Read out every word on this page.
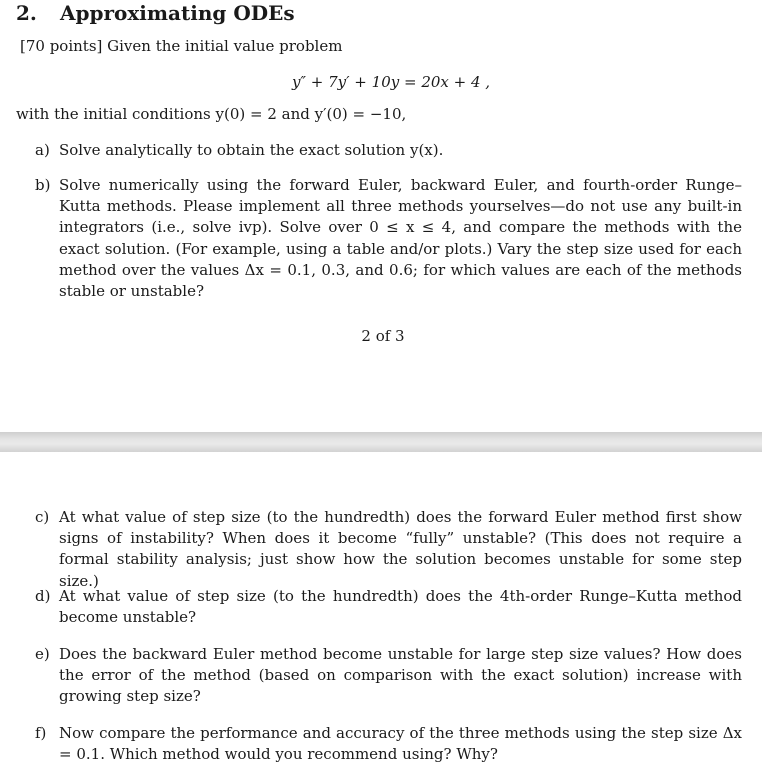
2. Approximating ODEs
[70 points] Given the initial value problem
y″ + 7y′ + 10y = 20x + 4 ,
with the initial conditions y(0) = 2 and y′(0) = −10,
a) Solve analytically to obtain the exact solution y(x).
b) Solve numerically using the forward Euler, backward Euler, and fourth-order Runge–Kutta methods. Please implement all three methods yourselves—do not use any built-in integrators (i.e., solve ivp). Solve over 0 ≤ x ≤ 4, and compare the methods with the exact solution. (For example, using a table and/or plots.) Vary the step size used for each method over the values Δx = 0.1, 0.3, and 0.6; for which values are each of the methods stable or unstable?
2 of 3
c) At what value of step size (to the hundredth) does the forward Euler method first show signs of instability? When does it become “fully” unstable? (This does not require a formal stability analysis; just show how the solution becomes unstable for some step size.)
d) At what value of step size (to the hundredth) does the 4th-order Runge–Kutta method become unstable?
e) Does the backward Euler method become unstable for large step size values? How does the error of the method (based on comparison with the exact solution) increase with growing step size?
f) Now compare the performance and accuracy of the three methods using the step size Δx = 0.1. Which method would you recommend using? Why?
